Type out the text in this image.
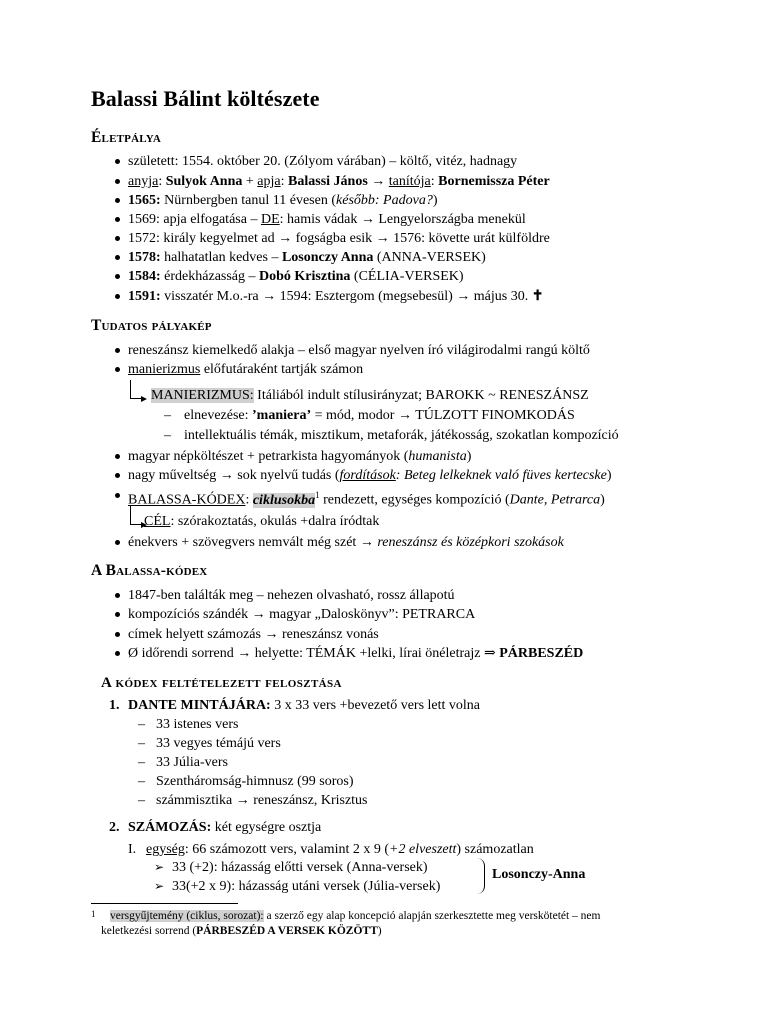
Balassi Bálint költészete
Életpálya
született: 1554. október 20. (Zólyom várában) – költő, vitéz, hadnagy
anyja: Sulyok Anna + apja: Balassi János → tanítója: Bornemissza Péter
1565: Nürnbergben tanul 11 évesen (később: Padova?)
1569: apja elfogatása – DE: hamis vádak → Lengyelországba menekül
1572: király kegyelmet ad → fogságba esik → 1576: követte urát külföldre
1578: halhatatlan kedves – Losonczy Anna (ANNA-VERSEK)
1584: érdekházasság – Dobó Krisztina (CÉLIA-VERSEK)
1591: visszatér M.o.-ra → 1594: Esztergom (megsebesül) → május 30. ✝
Tudatos pályakép
reneszánsz kiemelkedő alakja – első magyar nyelven író világirodalmi rangú költő
manierizmus előfutáraként tartják számon
MANIERIZMUS: Itáliából indult stílusirányzat; BAROKK ~ RENESZÁNSZ
– elnevezése: ’maniera’ = mód, modor → TÚLZOTT FINOMKODÁS
– intellektuális témák, misztikum, metaforák, játékosság, szokatlan kompozíció
magyar népköltészet + petrarkista hagyományok (humanista)
nagy műveltség → sok nyelvű tudás (fordítások: Beteg lelkeknek való füves kertecske)
BALASSA-KÓDEX: ciklusokba$^1$ rendezett, egységes kompozíció (Dante, Petrarca)
CÉL: szórakoztatás, okulás +dalra íródtak
énekvers + szövegvers nemvált még szét → reneszánsz és középkori szokások
A Balassa-kódex
1847-ben találták meg – nehezen olvasható, rossz állapotú
kompozíciós szándék → magyar „Daloskönyv”: PETRARCA
címek helyett számozás → reneszánsz vonás
Ø időrendi sorrend → helyette: TÉMÁK +lelki, lírai önéletrajz ⇒ PÁRBESZÉD
A kódex feltételezett felosztása
1. DANTE MINTÁJÁRA: 3 x 33 vers +bevezető vers lett volna
– 33 istenes vers
– 33 vegyes témájú vers
– 33 Júlia-vers
– Szentháromság-himnusz (99 soros)
– számmisztika → reneszánsz, Krisztus
2. SZÁMOZÁS: két egységre osztja
I. egység: 66 számozott vers, valamint 2 x 9 (+2 elveszett) számozatlan
➢ 33 (+2): házasság előtti versek (Anna-versek)
➢ 33(+2 x 9): házasság utáni versek (Júlia-versek)
Losonczy-Anna
1 versgyűjtemény (ciklus, sorozat): a szerző egy alap koncepció alapján szerkesztette meg verskötetét – nem
keletkezési sorrend (PÁRBESZÉD A VERSEK KÖZÖTT)
